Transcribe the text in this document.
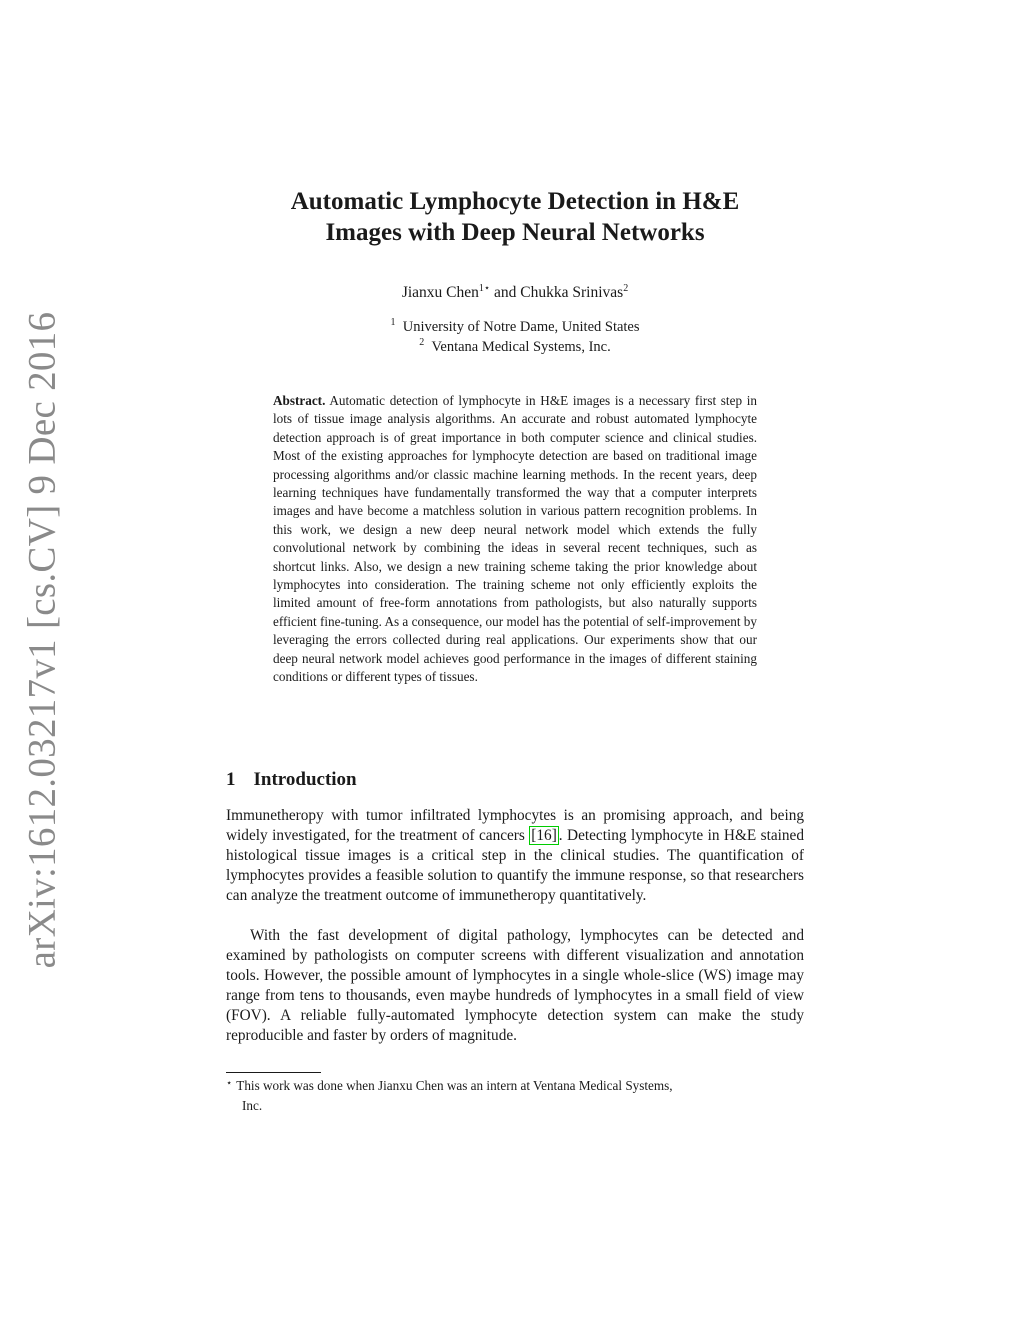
arXiv:1612.03217v1 [cs.CV] 9 Dec 2016
Automatic Lymphocyte Detection in H&E
Images with Deep Neural Networks
Jianxu Chen$^{1⋆}$ and Chukka Srinivas$^2$
$^1$ University of Notre Dame, United States
$^2$ Ventana Medical Systems, Inc.
Abstract. Automatic detection of lymphocyte in H&E images is a necessary first step in lots of tissue image analysis algorithms. An accurate and robust automated lymphocyte detection approach is of great importance in both computer science and clinical studies. Most of the existing approaches for lymphocyte detection are based on traditional image processing algorithms and/or classic machine learning methods. In the recent years, deep learning techniques have fundamentally transformed the way that a computer interprets images and have become a matchless solution in various pattern recognition problems. In this work, we design a new deep neural network model which extends the fully convolutional network by combining the ideas in several recent techniques, such as shortcut links. Also, we design a new training scheme taking the prior knowledge about lymphocytes into consideration. The training scheme not only efficiently exploits the limited amount of free-form annotations from pathologists, but also naturally supports efficient fine-tuning. As a consequence, our model has the potential of self-improvement by leveraging the errors collected during real applications. Our experiments show that our deep neural network model achieves good performance in the images of different staining conditions or different types of tissues.
1 Introduction

Immunetheropy with tumor infiltrated lymphocytes is an promising approach, and being widely investigated, for the treatment of cancers [16] . Detecting lymphocyte in H&E stained histological tissue images is a critical step in the clinical studies. The quantification of lymphocytes provides a feasible solution to quantify the immune response, so that researchers can analyze the treatment outcome of immunetheropy quantitatively.

With the fast development of digital pathology, lymphocytes can be detected and examined by pathologists on computer screens with different visualization and annotation tools. However, the possible amount of lymphocytes in a single whole-slice (WS) image may range from tens to thousands, even maybe hundreds of lymphocytes in a small field of view (FOV). A reliable fully-automated lymphocyte detection system can make the study reproducible and faster by orders of magnitude.

⋆ This work was done when Jianxu Chen was an intern at Ventana Medical Systems,
Inc.
